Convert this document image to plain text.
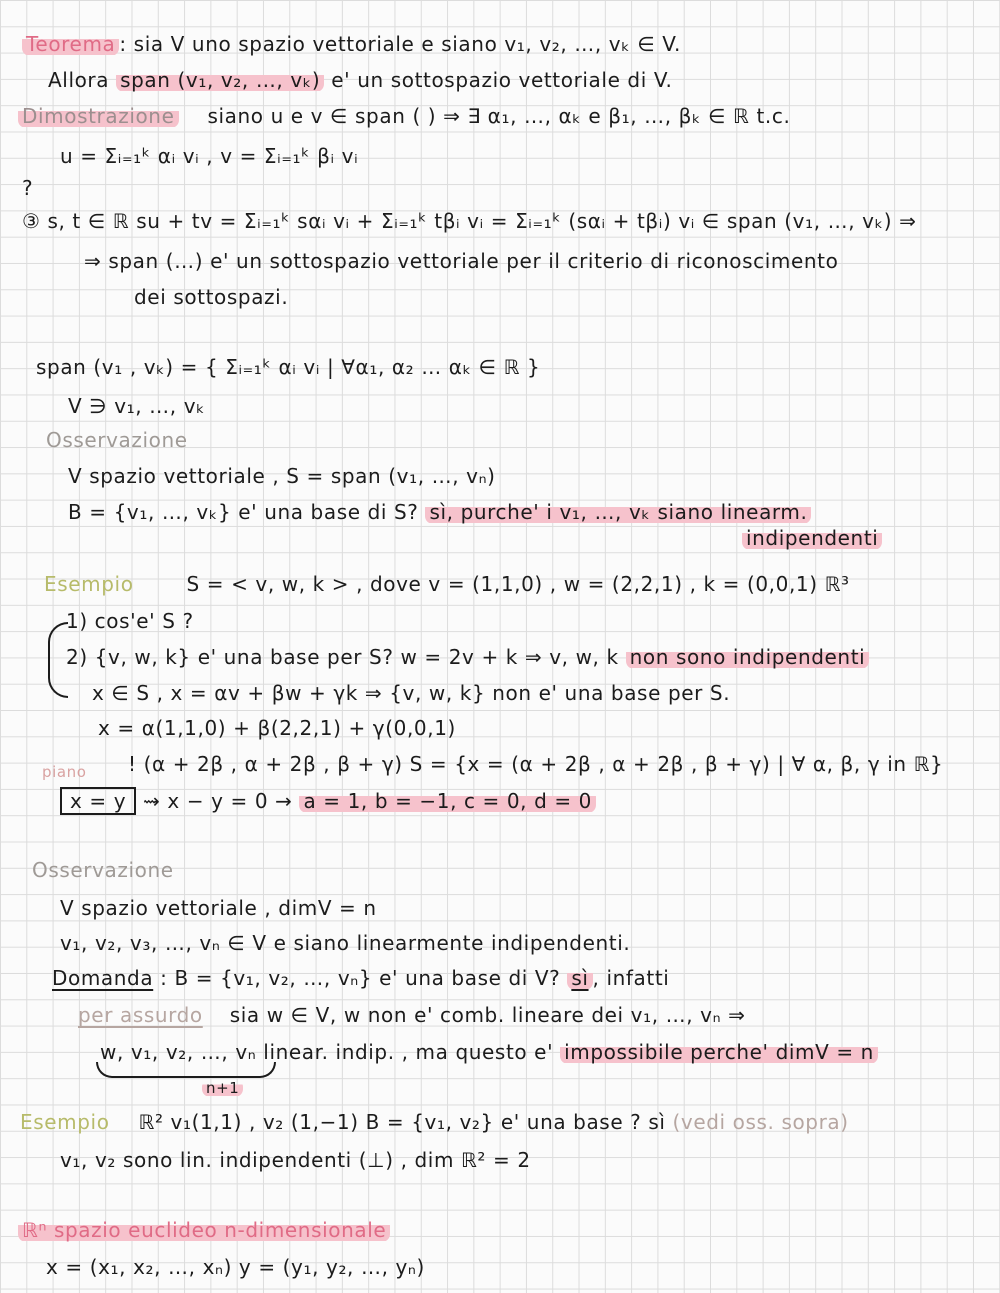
Teorema : sia V uno spazio vettoriale e siano v₁, v₂, …, vₖ ∈ V.
Allora span (v₁, v₂, …, vₖ) e' un sottospazio vettoriale di V.
Dimostrazione siano u e v ∈ span ( ) ⇒ ∃ α₁, …, αₖ e β₁, …, βₖ ∈ ℝ t.c.
u = Σᵢ₌₁ᵏ αᵢ vᵢ , v = Σᵢ₌₁ᵏ βᵢ vᵢ
?
③ s, t ∈ ℝ su + tv = Σᵢ₌₁ᵏ sαᵢ vᵢ + Σᵢ₌₁ᵏ tβᵢ vᵢ = Σᵢ₌₁ᵏ (sαᵢ + tβᵢ) vᵢ ∈ span (v₁, …, vₖ) ⇒
⇒ span (…) e' un sottospazio vettoriale per il criterio di riconoscimento
dei sottospazi.
span (v₁ , vₖ) = { Σᵢ₌₁ᵏ αᵢ vᵢ | ∀α₁, α₂ … αₖ ∈ ℝ }
V ∋ v₁, …, vₖ
Osservazione
V spazio vettoriale , S = span (v₁, …, vₙ)
B = {v₁, …, vₖ} e' una base di S? sì, purche' i v₁, …, vₖ siano linearm.
indipendenti
Esempio	S = < v, w, k > , dove v = (1,1,0) , w = (2,2,1) , k = (0,0,1) ℝ³
1) cos'e' S ?
2) {v, w, k} e' una base per S? w = 2v + k ⇒ v, w, k non sono indipendenti
x ∈ S , x = αv + βw + γk ⇒ {v, w, k} non e' una base per S.
x = α(1,1,0) + β(2,2,1) + γ(0,0,1)
! (α + 2β , α + 2β , β + γ) S = {x = (α + 2β , α + 2β , β + γ) | ∀ α, β, γ in ℝ}
piano
x = y ⇝ x − y = 0 → a = 1, b = −1, c = 0, d = 0
Osservazione
V spazio vettoriale , dimV = n
v₁, v₂, v₃, …, vₙ ∈ V e siano linearmente indipendenti.
Domanda : B = {v₁, v₂, …, vₙ} e' una base di V? sì , infatti
per assurdo sia w ∈ V, w non e' comb. lineare dei v₁, …, vₙ ⇒
w, v₁, v₂, …, vₙ linear. indip. , ma questo e' impossibile perche' dimV = n
n+1
Esempio ℝ² v₁(1,1) , v₂ (1,−1) B = {v₁, v₂} e' una base ? sì (vedi oss. sopra)
v₁, v₂ sono lin. indipendenti (⊥) , dim ℝ² = 2
ℝⁿ spazio euclideo n-dimensionale
x = (x₁, x₂, …, xₙ) y = (y₁, y₂, …, yₙ)
